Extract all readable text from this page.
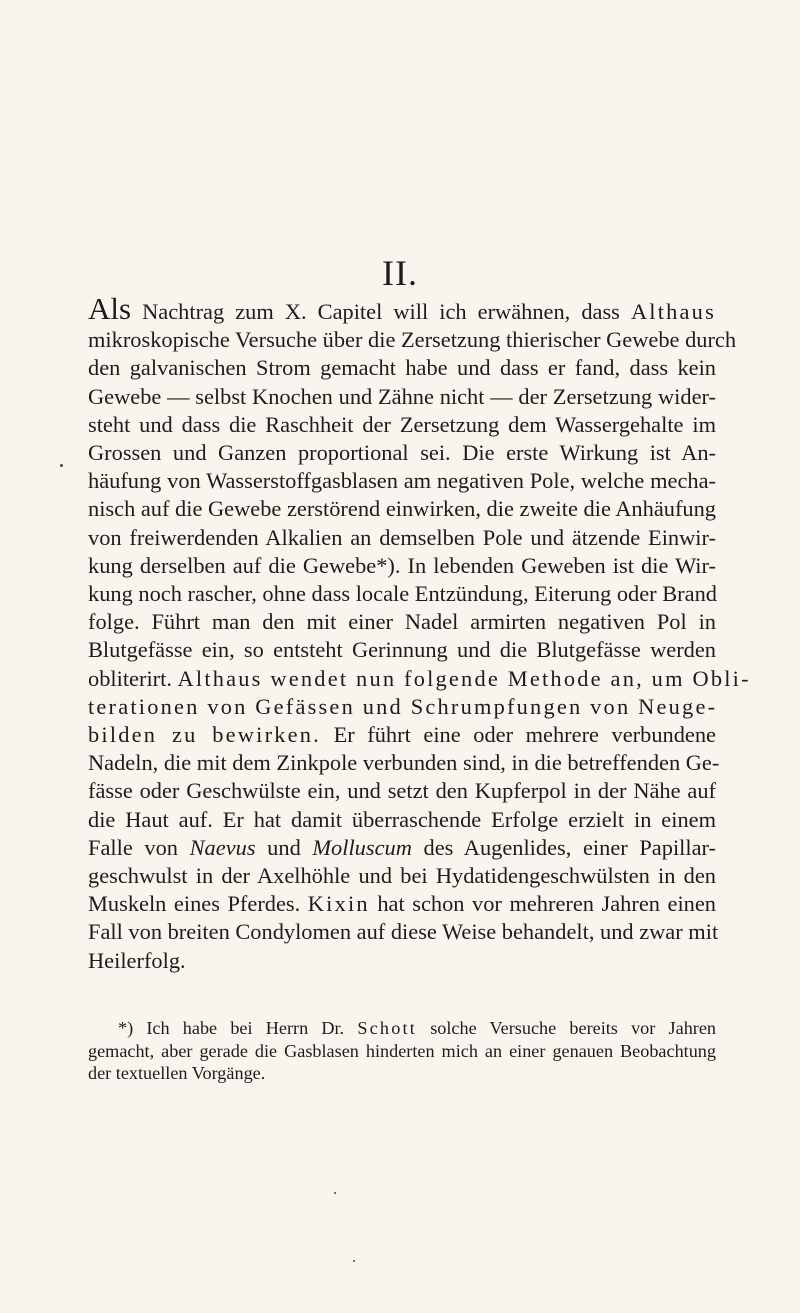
II.
Als Nachtrag zum X. Capitel will ich erwähnen, dass Althaus
mikroskopische Versuche über die Zersetzung thierischer Gewebe durch
den galvanischen Strom gemacht habe und dass er fand, dass kein
Gewebe — selbst Knochen und Zähne nicht — der Zersetzung wider-
steht und dass die Raschheit der Zersetzung dem Wassergehalte im
Grossen und Ganzen proportional sei. Die erste Wirkung ist An-
häufung von Wasserstoffgasblasen am negativen Pole, welche mecha-
nisch auf die Gewebe zerstörend einwirken, die zweite die Anhäufung
von freiwerdenden Alkalien an demselben Pole und ätzende Einwir-
kung derselben auf die Gewebe*). In lebenden Geweben ist die Wir-
kung noch rascher, ohne dass locale Entzündung, Eiterung oder Brand
folge. Führt man den mit einer Nadel armirten negativen Pol in
Blutgefässe ein, so entsteht Gerinnung und die Blutgefässe werden
obliterirt. Althaus wendet nun folgende Methode an, um Obli-
terationen von Gefässen und Schrumpfungen von Neuge-
bilden zu bewirken. Er führt eine oder mehrere verbundene
Nadeln, die mit dem Zinkpole verbunden sind, in die betreffenden Ge-
fässe oder Geschwülste ein, und setzt den Kupferpol in der Nähe auf
die Haut auf. Er hat damit überraschende Erfolge erzielt in einem
Falle von Naevus und Molluscum des Augenlides, einer Papillar-
geschwulst in der Axelhöhle und bei Hydatidengeschwülsten in den
Muskeln eines Pferdes. Kixin hat schon vor mehreren Jahren einen
Fall von breiten Condylomen auf diese Weise behandelt, und zwar mit
Heilerfolg.
*) Ich habe bei Herrn Dr. Schott solche Versuche bereits vor Jahren
gemacht, aber gerade die Gasblasen hinderten mich an einer genauen Beobachtung
der textuellen Vorgänge.
